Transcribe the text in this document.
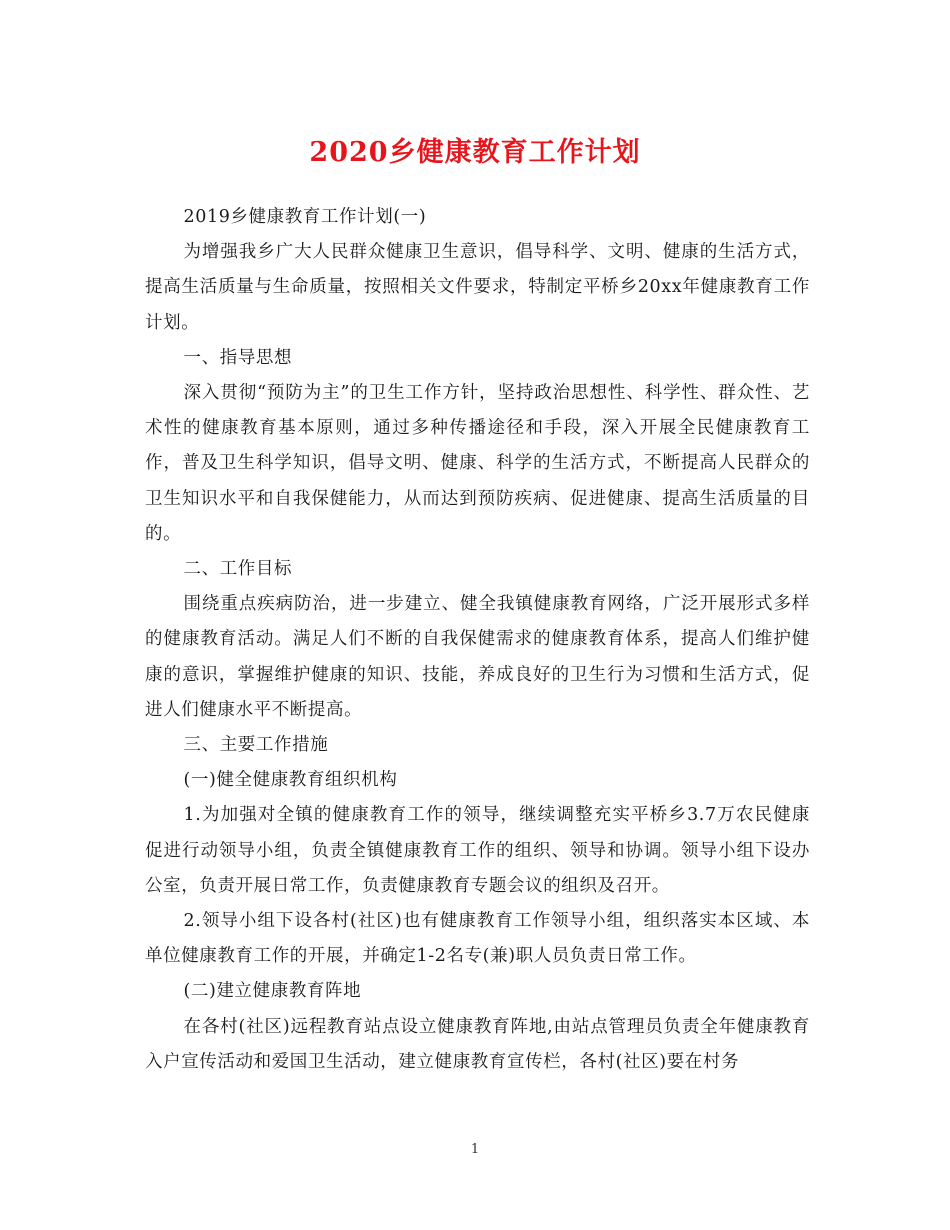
2020乡健康教育工作计划

2019乡健康教育工作计划(一)

为增强我乡广大人民群众健康卫生意识，倡导科学、文明、健康的生活方式，提高生活质量与生命质量，按照相关文件要求，特制定平桥乡20xx年健康教育工作计划。

一、指导思想

深入贯彻“预防为主”的卫生工作方针，坚持政治思想性、科学性、群众性、艺术性的健康教育基本原则，通过多种传播途径和手段，深入开展全民健康教育工作，普及卫生科学知识，倡导文明、健康、科学的生活方式，不断提高人民群众的卫生知识水平和自我保健能力，从而达到预防疾病、促进健康、提高生活质量的目的。

二、工作目标

围绕重点疾病防治，进一步建立、健全我镇健康教育网络，广泛开展形式多样的健康教育活动。满足人们不断的自我保健需求的健康教育体系，提高人们维护健康的意识，掌握维护健康的知识、技能，养成良好的卫生行为习惯和生活方式，促进人们健康水平不断提高。

三、主要工作措施

(一)健全健康教育组织机构

1.为加强对全镇的健康教育工作的领导，继续调整充实平桥乡3.7万农民健康促进行动领导小组，负责全镇健康教育工作的组织、领导和协调。领导小组下设办公室，负责开展日常工作，负责健康教育专题会议的组织及召开。

2.领导小组下设各村(社区)也有健康教育工作领导小组，组织落实本区域、本单位健康教育工作的开展，并确定1-2名专(兼)职人员负责日常工作。

(二)建立健康教育阵地

在各村(社区)远程教育站点设立健康教育阵地,由站点管理员负责全年健康教育入户宣传活动和爱国卫生活动，建立健康教育宣传栏，各村(社区)要在村务

1
